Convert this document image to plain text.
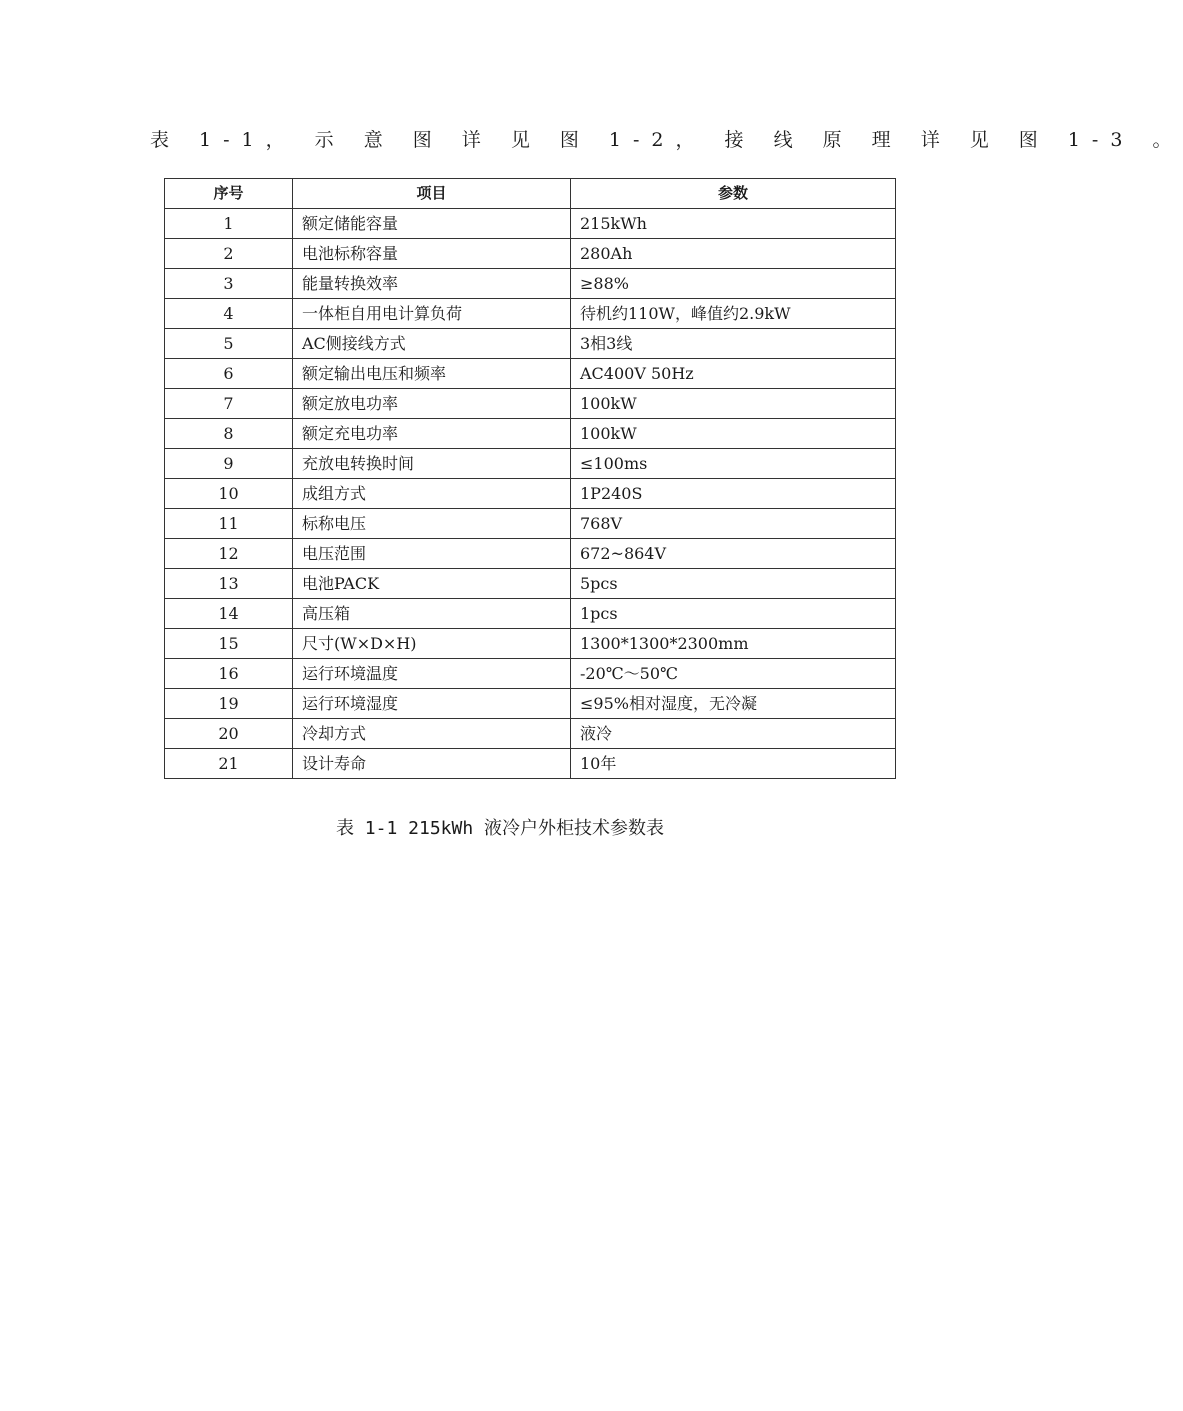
表 1-1， 示 意 图 详 见 图 1-2， 接 线 原 理 详 见 图 1-3 。
序号	项目	参数
1	额定储能容量	215kWh
2	电池标称容量	280Ah
3	能量转换效率	≥88%
4	一体柜自用电计算负荷	待机约110W，峰值约2.9kW
5	AC侧接线方式	3相3线
6	额定输出电压和频率	AC400V 50Hz
7	额定放电功率	100kW
8	额定充电功率	100kW
9	充放电转换时间	≤100ms
10	成组方式	1P240S
11	标称电压	768V
12	电压范围	672~864V
13	电池PACK	5pcs
14	高压箱	1pcs
15	尺寸(W×D×H)	1300*1300*2300mm
16	运行环境温度	-20℃～50℃
19	运行环境湿度	≤95%相对湿度，无冷凝
20	冷却方式	液冷
21	设计寿命	10年
表 1-1 215kWh 液冷户外柜技术参数表
